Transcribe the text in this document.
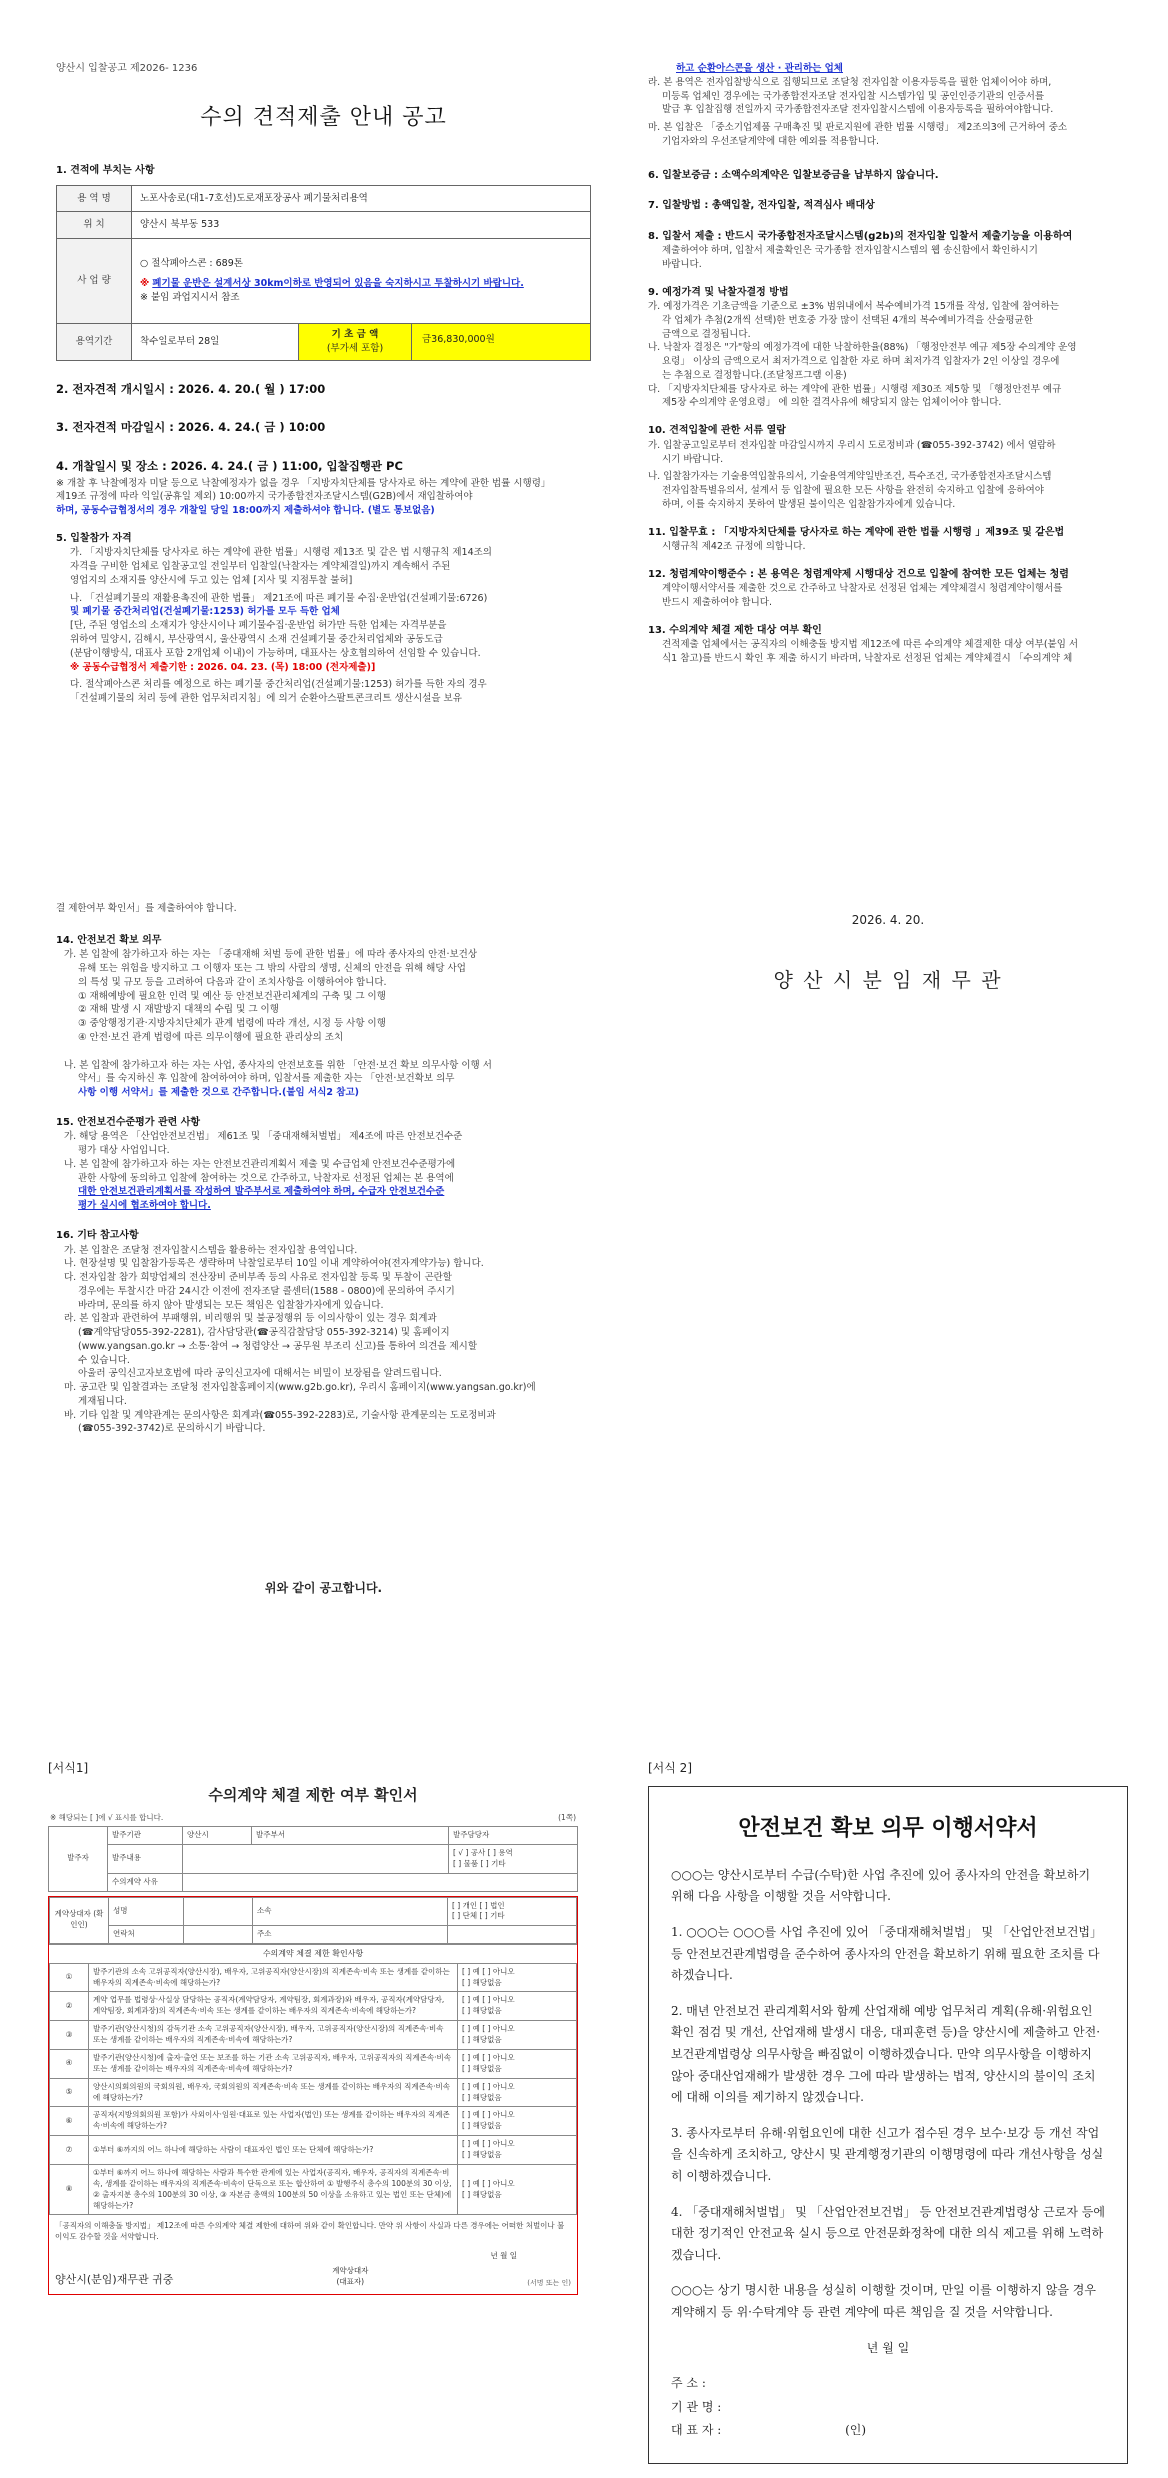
양산시 입찰공고 제2026- 1236
수의 견적제출 안내 공고

1. 견적에 부치는 사항

용 역 명	노포사송로(대1-7호선)도로재포장공사 폐기물처리용역	
위 치	양산시 북부동 533	
사 업 량	○ 절삭폐아스콘 : 689톤
※ 폐기물 운반은 설계서상 30km이하로 반영되어 있음을 숙지하시고 투찰하시기 바랍니다.
※ 붙임 과업지시서 참조	

용역기간	착수일로부터 28일	기 초 금 액
(부가세 포함)
금36,830,000원

2. 전자견적 개시일시 : 2026. 4. 20.( 월 ) 17:00

3. 전자견적 마감일시 : 2026. 4. 24.( 금 ) 10:00

4. 개찰일시 및 장소 : 2026. 4. 24.( 금 ) 11:00, 입찰집행관 PC

※ 개찰 후 낙찰예정자 미달 등으로 낙찰예정자가 없을 경우 「지방자치단체를 당사자로 하는 계약에 관한 법률 시행령」

제19조 규정에 따라 익일(공휴일 제외) 10:00까지 국가종합전자조달시스템(G2B)에서 재입찰하여야

하며, 공동수급협정서의 경우 개찰일 당일 18:00까지 제출하셔야 합니다. (별도 통보없음)

5. 입찰참가 자격

가. 「지방자치단체를 당사자로 하는 계약에 관한 법률」시행령 제13조 및 같은 법 시행규칙 제14조의

자격을 구비한 업체로 입찰공고일 전일부터 입찰일(낙찰자는 계약체결일)까지 계속해서 주된

영업지의 소재지를 양산시에 두고 있는 업체 [지사 및 지점투찰 불허]

나. 「건설폐기물의 재활용촉진에 관한 법률」 제21조에 따른 폐기물 수집·운반업(건설폐기물:6726)

및 폐기물 중간처리업(건설폐기물:1253) 허가를 모두 득한 업체

[단, 주된 영업소의 소재지가 양산시이나 폐기물수집·운반업 허가만 득한 업체는 자격부분을

위하여 밀양시, 김해시, 부산광역시, 울산광역시 소재 건설폐기물 중간처리업체와 공동도급

(분담이행방식, 대표사 포함 2개업체 이내)이 가능하며, 대표사는 상호협의하여 선임할 수 있습니다.

※ 공동수급협정서 제출기한 : 2026. 04. 23. (목) 18:00 (전자제출)]

다. 절삭폐아스콘 처리를 예정으로 하는 폐기물 중간처리업(건설폐기물:1253) 허가를 득한 자의 경우

「건설폐기물의 처리 등에 관한 업무처리지침」에 의거 순환아스팔트콘크리트 생산시설을 보유

하고 순환아스콘을 생산 · 관리하는 업체

라. 본 용역은 전자입찰방식으로 집행되므로 조달청 전자입찰 이용자등록을 필한 업체이어야 하며,

미등록 업체인 경우에는 국가종합전자조달 전자입찰 시스템가입 및 공인인증기관의 인증서를

발급 후 입찰집행 전일까지 국가종합전자조달 전자입찰시스템에 이용자등록을 필하여야합니다.

마. 본 입찰은 「중소기업제품 구매촉진 및 판로지원에 관한 법률 시행령」 제2조의3에 근거하여 중소

기업자와의 우선조달계약에 대한 예외를 적용합니다.

6. 입찰보증금 : 소액수의계약은 입찰보증금을 납부하지 않습니다.

7. 입찰방법 : 총액입찰, 전자입찰, 적격심사 배대상

8. 입찰서 제출 : 반드시 국가종합전자조달시스템(g2b)의 전자입찰 입찰서 제출기능을 이용하여

제출하여야 하며, 입찰서 제출확인은 국가종합 전자입찰시스템의 웹 송신함에서 확인하시기

바랍니다.

9. 예정가격 및 낙찰자결정 방법

가. 예정가격은 기초금액을 기준으로 ±3% 범위내에서 복수예비가격 15개를 작성, 입찰에 참여하는

각 업체가 추첨(2개씩 선택)한 번호중 가장 많이 선택된 4개의 복수예비가격을 산술평균한

금액으로 결정됩니다.

나. 낙찰자 결정은 "가"항의 예정가격에 대한 낙찰하한율(88%) 「행정안전부 예규 제5장 수의계약 운영

요령」 이상의 금액으로서 최저가격으로 입찰한 자로 하며 최저가격 입찰자가 2인 이상일 경우에

는 추첨으로 결정합니다.(조달청프그램 이용)

다. 「지방자치단체를 당사자로 하는 계약에 관한 법률」시행령 제30조 제5항 및 「행정안전부 예규

제5장 수의계약 운영요령」 에 의한 결격사유에 해당되지 않는 업체이어야 합니다.

10. 견적입찰에 관한 서류 열람

가. 입찰공고일로부터 전자입찰 마감일시까지 우리시 도로정비과 (☎055-392-3742) 에서 열람하

시기 바랍니다.

나. 입찰참가자는 기술용역입찰유의서, 기술용역계약일반조건, 특수조건, 국가종합전자조달시스템

전자입찰특별유의서, 설계서 등 입찰에 필요한 모든 사항을 완전히 숙지하고 입찰에 응하여야

하며, 이를 숙지하지 못하여 발생된 불이익은 입찰참가자에게 있습니다.

11. 입찰무효 : 「지방자치단체를 당사자로 하는 계약에 관한 법률 시행령 」제39조 및 같은법

시행규칙 제42조 규정에 의합니다.

12. 청렴계약이행준수 : 본 용역은 청렴계약제 시행대상 건으로 입찰에 참여한 모든 업체는 청렴

계약이행서약서를 제출한 것으로 간주하고 낙찰자로 선정된 업체는 계약체결시 청렴계약이행서를

반드시 제출하여야 합니다.

13. 수의계약 체결 제한 대상 여부 확인

견적제출 업체에서는 공직자의 이해충돌 방지법 제12조에 따른 수의계약 체결제한 대상 여부(붙임 서

식1 참고)를 반드시 확인 후 제출 하시기 바라며, 낙찰자로 선정된 업체는 계약체결시 「수의계약 체

결 제한여부 확인서」를 제출하여야 합니다.

14. 안전보건 확보 의무

가. 본 입찰에 참가하고자 하는 자는 「중대재해 처벌 등에 관한 법률」에 따라 종사자의 안전·보건상

유해 또는 위험을 방지하고 그 이행자 또는 그 밖의 사람의 생명, 신체의 안전을 위해 해당 사업

의 특성 및 규모 등을 고려하여 다음과 같이 조치사항을 이행하여야 합니다.

① 재해예방에 필요한 인력 및 예산 등 안전보건관리체계의 구축 및 그 이행

② 재해 발생 시 재발방지 대책의 수립 및 그 이행

③ 중앙행정기관·지방자치단체가 관계 법령에 따라 개선, 시정 등 사항 이행

④ 안전·보건 관계 법령에 따른 의무이행에 필요한 관리상의 조치

나. 본 입찰에 참가하고자 하는 자는 사업, 종사자의 안전보호를 위한 「안전·보건 확보 의무사항 이행 서

약서」를 숙지하신 후 입찰에 참여하여야 하며, 입찰서를 제출한 자는 「안전·보건확보 의무

사항 이행 서약서」를 제출한 것으로 간주합니다.(붙임 서식2 참고)

15. 안전보건수준평가 관련 사항

가. 해당 용역은 「산업안전보건법」 제61조 및 「중대재해처벌법」 제4조에 따른 안전보건수준

평가 대상 사업입니다.

나. 본 입찰에 참가하고자 하는 자는 안전보건관리계획서 제출 및 수급업체 안전보건수준평가에

관한 사항에 동의하고 입찰에 참여하는 것으로 간주하고, 낙찰자로 선정된 업체는 본 용역에

대한 안전보건관리계획서를 작성하여 발주부서로 제출하여야 하며, 수급자 안전보건수준

평가 실시에 협조하여야 합니다.

16. 기타 참고사항

가. 본 입찰은 조달청 전자입찰시스템을 활용하는 전자입찰 용역입니다.

나. 현장설명 및 입찰참가등록은 생략하며 낙찰일로부터 10일 이내 계약하여야(전자계약가능) 합니다.

다. 전자입찰 참가 희망업체의 전산장비 준비부족 등의 사유로 전자입찰 등록 및 투찰이 곤란할

경우에는 투찰시간 마감 24시간 이전에 전자조달 콜센터(1588 - 0800)에 문의하여 주시기

바라며, 문의를 하지 않아 발생되는 모든 책임은 입찰참가자에게 있습니다.

라. 본 입찰과 관련하여 부패행위, 비리행위 및 불공정행위 등 이의사항이 있는 경우 회계과

(☎계약담당055-392-2281), 감사담당관(☎공직감찰담당 055-392-3214) 및 홈페이지

(www.yangsan.go.kr → 소통·참여 → 청렴양산 → 공무원 부조리 신고)를 통하여 의견을 제시할

수 있습니다.

아울러 공익신고자보호법에 따라 공익신고자에 대해서는 비밀이 보장됨을 알려드립니다.

마. 공고란 및 입찰결과는 조달청 전자입찰홈페이지(www.g2b.go.kr), 우리시 홈페이지(www.yangsan.go.kr)에

게재됩니다.

바. 기타 입찰 및 계약관계는 문의사항은 회계과(☎055-392-2283)로, 기술사항 관계문의는 도로정비과

(☎055-392-3742)로 문의하시기 바랍니다.

위와 같이 공고합니다.
2026. 4. 20.
양 산 시 분 임 재 무 관
[서식1]
수의계약 체결 제한 여부 확인서
※ 해당되는 [ ]에 √ 표시를 합니다.	(1쪽)
발주자	발주기관	양산시	발주부서	발주담당자
	발주내용			[ √ ] 공사 [ ] 용역
[ ] 물품 [ ] 기타

	수의계약 사유			
계약상대자 (확인인)	성명		소속	[ ] 개인 [ ] 법인
[ ] 단체 [ ] 기타

	연락처		주소	
수의계약 체결 제한 확인사항
①	발주기관의 소속 고위공직자(양산시장), 배우자, 고위공직자(양산시장)의 직계존속·비속 또는 생계를 같이하는 배우자의 직계존속·비속에 해당하는가?	[ ] 예 [ ] 아니오
[ ] 해당없음

②	계약 업무를 법령상·사실상 담당하는 공직자(계약담당자, 계약팀장, 회계과장)와 배우자, 공직자(계약담당자, 계약팀장, 회계과장)의 직계존속·비속 또는 생계를 같이하는 배우자의 직계존속·비속에 해당하는가?	[ ] 예 [ ] 아니오
[ ] 해당없음

③	발주기관(양산시청)의 감독기관 소속 고위공직자(양산시장), 배우자, 고위공직자(양산시장)의 직계존속·비속 또는 생계를 같이하는 배우자의 직계존속·비속에 해당하는가?	[ ] 예 [ ] 아니오
[ ] 해당없음

④	발주기관(양산시청)에 출자·출연 또는 보조를 하는 기관 소속 고위공직자, 배우자, 고위공직자의 직계존속·비속 또는 생계를 같이하는 배우자의 직계존속·비속에 해당하는가?	[ ] 예 [ ] 아니오
[ ] 해당없음

⑤	양산시의회의원의 국회의원, 배우자, 국회의원의 직계존속·비속 또는 생계를 같이하는 배우자의 직계존속·비속에 해당하는가?	[ ] 예 [ ] 아니오
[ ] 해당없음

⑥	공직자(지방의회의원 포함)가 사외이사·임원·대표로 있는 사업자(법인) 또는 생계를 같이하는 배우자의 직계존속·비속에 해당하는가?	[ ] 예 [ ] 아니오
[ ] 해당없음

⑦	①부터 ⑥까지의 어느 하나에 해당하는 사람이 대표자인 법인 또는 단체에 해당하는가?	[ ] 예 [ ] 아니오
[ ] 해당없음

⑧	①부터 ⑥까지 어느 하나에 해당하는 사람과 특수한 관계에 있는 사업자(공직자, 배우자, 공직자의 직계존속·비속, 생계를 같이하는 배우자의 직계존속·비속이 단독으로 또는 합산하여 ① 발행주식 총수의 100분의 30 이상, ② 출자지분 총수의 100분의 30 이상, ③ 자본금 총액의 100분의 50 이상을 소유하고 있는 법인 또는 단체)에 해당하는가?	[ ] 예 [ ] 아니오
[ ] 해당없음
「공직자의 이해충돌 방지법」 제12조에 따른 수의계약 체결 제한에 대하여 위와 같이 확인합니다. 만약 위 사항이 사실과 다른 경우에는 어떠한 처벌이나 불이익도 감수할 것을 서약합니다.
년 월 일
양산시(분임)재무관 귀중
계약상대자
(대표자)	(서명 또는 인)
[서식 2]
안전보건 확보 의무 이행서약서

○○○는 양산시로부터 수급(수탁)한 사업 추진에 있어 종사자의 안전을 확보하기 위해 다음 사항을 이행할 것을 서약합니다.

1. ○○○는 ○○○를 사업 추진에 있어 「중대재해처벌법」 및 「산업안전보건법」 등 안전보건관계법령을 준수하여 종사자의 안전을 확보하기 위해 필요한 조치를 다하겠습니다.

2. 매년 안전보건 관리계획서와 함께 산업재해 예방 업무처리 계획(유해·위험요인 확인 점검 및 개선, 산업재해 발생시 대응, 대피훈련 등)을 양산시에 제출하고 안전·보건관계법령상 의무사항을 빠짐없이 이행하겠습니다. 만약 의무사항을 이행하지 않아 중대산업재해가 발생한 경우 그에 따라 발생하는 법적, 양산시의 불이익 조치에 대해 이의를 제기하지 않겠습니다.

3. 종사자로부터 유해·위험요인에 대한 신고가 접수된 경우 보수·보강 등 개선 작업을 신속하게 조치하고, 양산시 및 관계행정기관의 이행명령에 따라 개선사항을 성실히 이행하겠습니다.

4. 「중대재해처벌법」 및 「산업안전보건법」 등 안전보건관계법령상 근로자 등에 대한 정기적인 안전교육 실시 등으로 안전문화정착에 대한 의식 제고를 위해 노력하겠습니다.

○○○는 상기 명시한 내용을 성실히 이행할 것이며, 만일 이를 이행하지 않을 경우 계약해지 등 위·수탁계약 등 관련 계약에 따른 책임을 질 것을 서약합니다.

년 월 일
주 소 :
기 관 명 :
대 표 자 :	(인)
